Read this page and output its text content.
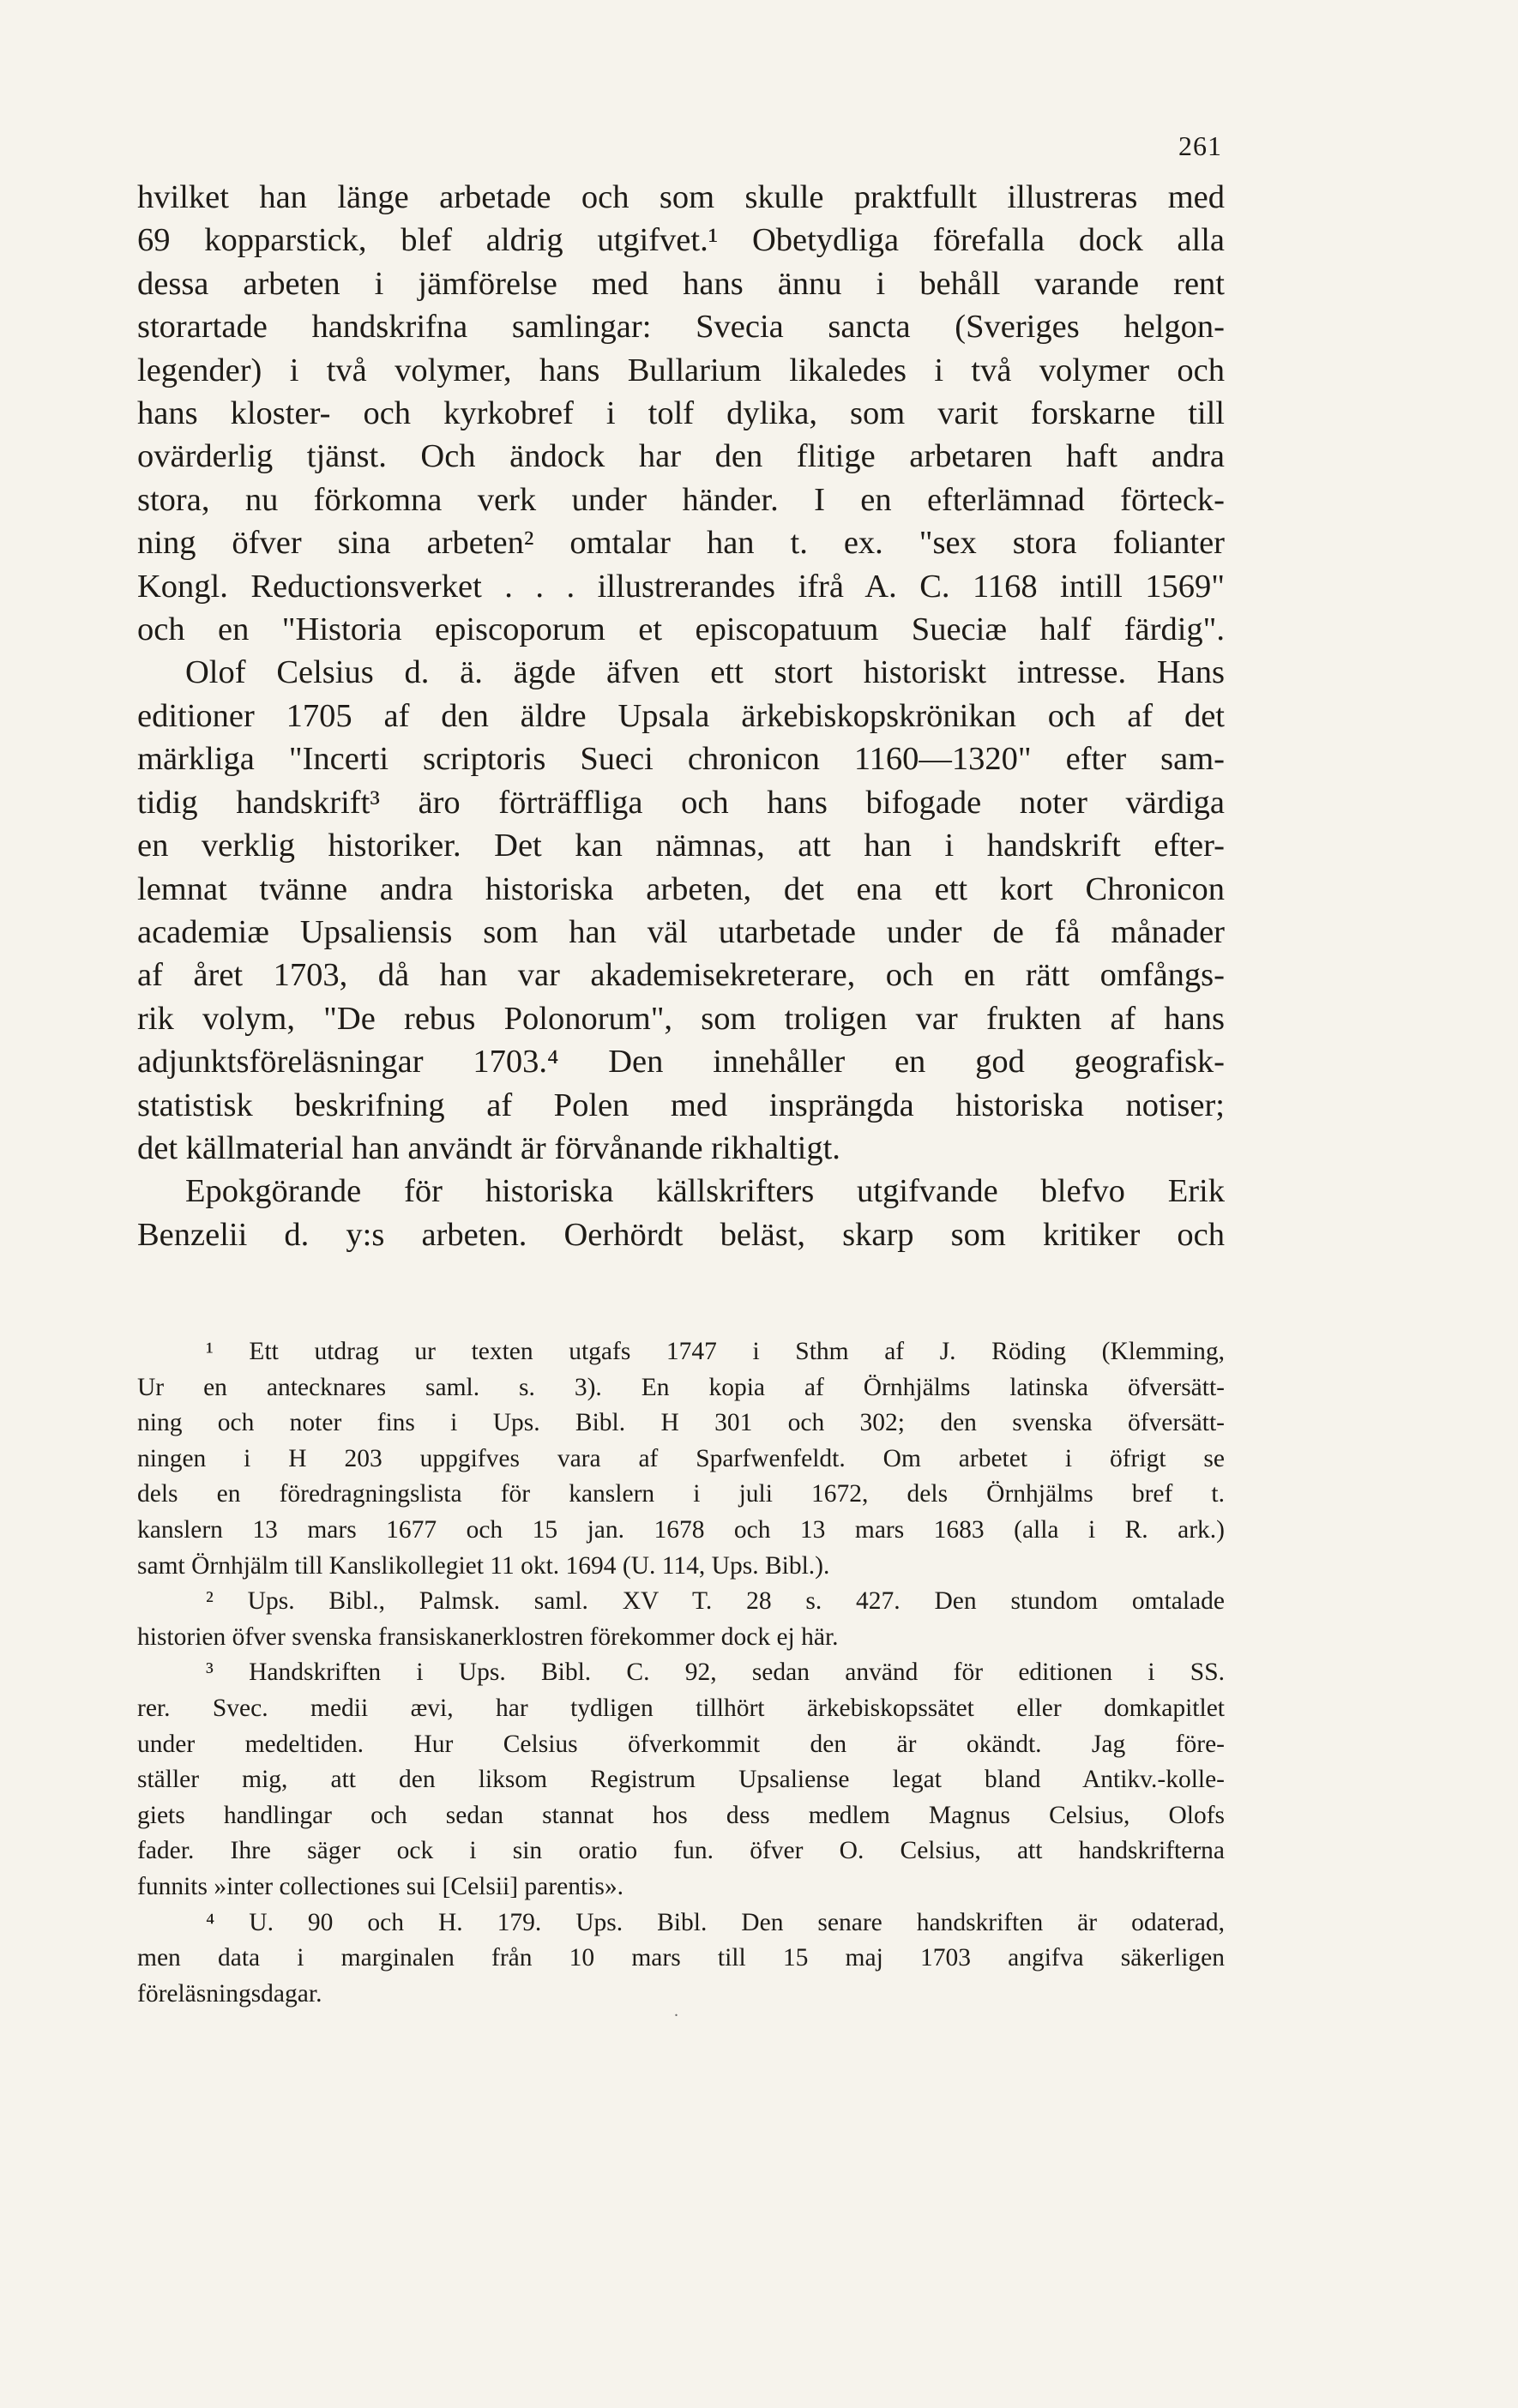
261
hvilket han länge arbetade och som skulle praktfullt illustreras med
69 kopparstick, blef aldrig utgifvet.¹ Obetydliga förefalla dock alla
dessa arbeten i jämförelse med hans ännu i behåll varande rent
storartade handskrifna samlingar: Svecia sancta (Sveriges helgon-
legender) i två volymer, hans Bullarium likaledes i två volymer och
hans kloster- och kyrkobref i tolf dylika, som varit forskarne till
ovärderlig tjänst. Och ändock har den flitige arbetaren haft andra
stora, nu förkomna verk under händer. I en efterlämnad förteck-
ning öfver sina arbeten² omtalar han t. ex. "sex stora folianter
Kongl. Reductionsverket . . . illustrerandes ifrå A. C. 1168 intill 1569"
och en "Historia episcoporum et episcopatuum Sueciæ half färdig".
Olof Celsius d. ä. ägde äfven ett stort historiskt intresse. Hans
editioner 1705 af den äldre Upsala ärkebiskopskrönikan och af det
märkliga "Incerti scriptoris Sueci chronicon 1160—1320" efter sam-
tidig handskrift³ äro förträffliga och hans bifogade noter värdiga
en verklig historiker. Det kan nämnas, att han i handskrift efter-
lemnat tvänne andra historiska arbeten, det ena ett kort Chronicon
academiæ Upsaliensis som han väl utarbetade under de få månader
af året 1703, då han var akademisekreterare, och en rätt omfångs-
rik volym, "De rebus Polonorum", som troligen var frukten af hans
adjunktsföreläsningar 1703.⁴ Den innehåller en god geografisk-
statistisk beskrifning af Polen med insprängda historiska notiser;
det källmaterial han användt är förvånande rikhaltigt.
Epokgörande för historiska källskrifters utgifvande blefvo Erik
Benzelii d. y:s arbeten. Oerhördt beläst, skarp som kritiker och
¹ Ett utdrag ur texten utgafs 1747 i Sthm af J. Röding (Klemming,
Ur en antecknares saml. s. 3). En kopia af Örnhjälms latinska öfversätt-
ning och noter fins i Ups. Bibl. H 301 och 302; den svenska öfversätt-
ningen i H 203 uppgifves vara af Sparfwenfeldt. Om arbetet i öfrigt se
dels en föredragningslista för kanslern i juli 1672, dels Örnhjälms bref t.
kanslern 13 mars 1677 och 15 jan. 1678 och 13 mars 1683 (alla i R. ark.)
samt Örnhjälm till Kanslikollegiet 11 okt. 1694 (U. 114, Ups. Bibl.).
² Ups. Bibl., Palmsk. saml. XV T. 28 s. 427. Den stundom omtalade
historien öfver svenska fransiskanerklostren förekommer dock ej här.
³ Handskriften i Ups. Bibl. C. 92, sedan använd för editionen i SS.
rer. Svec. medii ævi, har tydligen tillhört ärkebiskopssätet eller domkapitlet
under medeltiden. Hur Celsius öfverkommit den är okändt. Jag före-
ställer mig, att den liksom Registrum Upsaliense legat bland Antikv.-kolle-
giets handlingar och sedan stannat hos dess medlem Magnus Celsius, Olofs
fader. Ihre säger ock i sin oratio fun. öfver O. Celsius, att handskrifterna
funnits »inter collectiones sui [Celsii] parentis».
⁴ U. 90 och H. 179. Ups. Bibl. Den senare handskriften är odaterad,
men data i marginalen från 10 mars till 15 maj 1703 angifva säkerligen
föreläsningsdagar.
.
